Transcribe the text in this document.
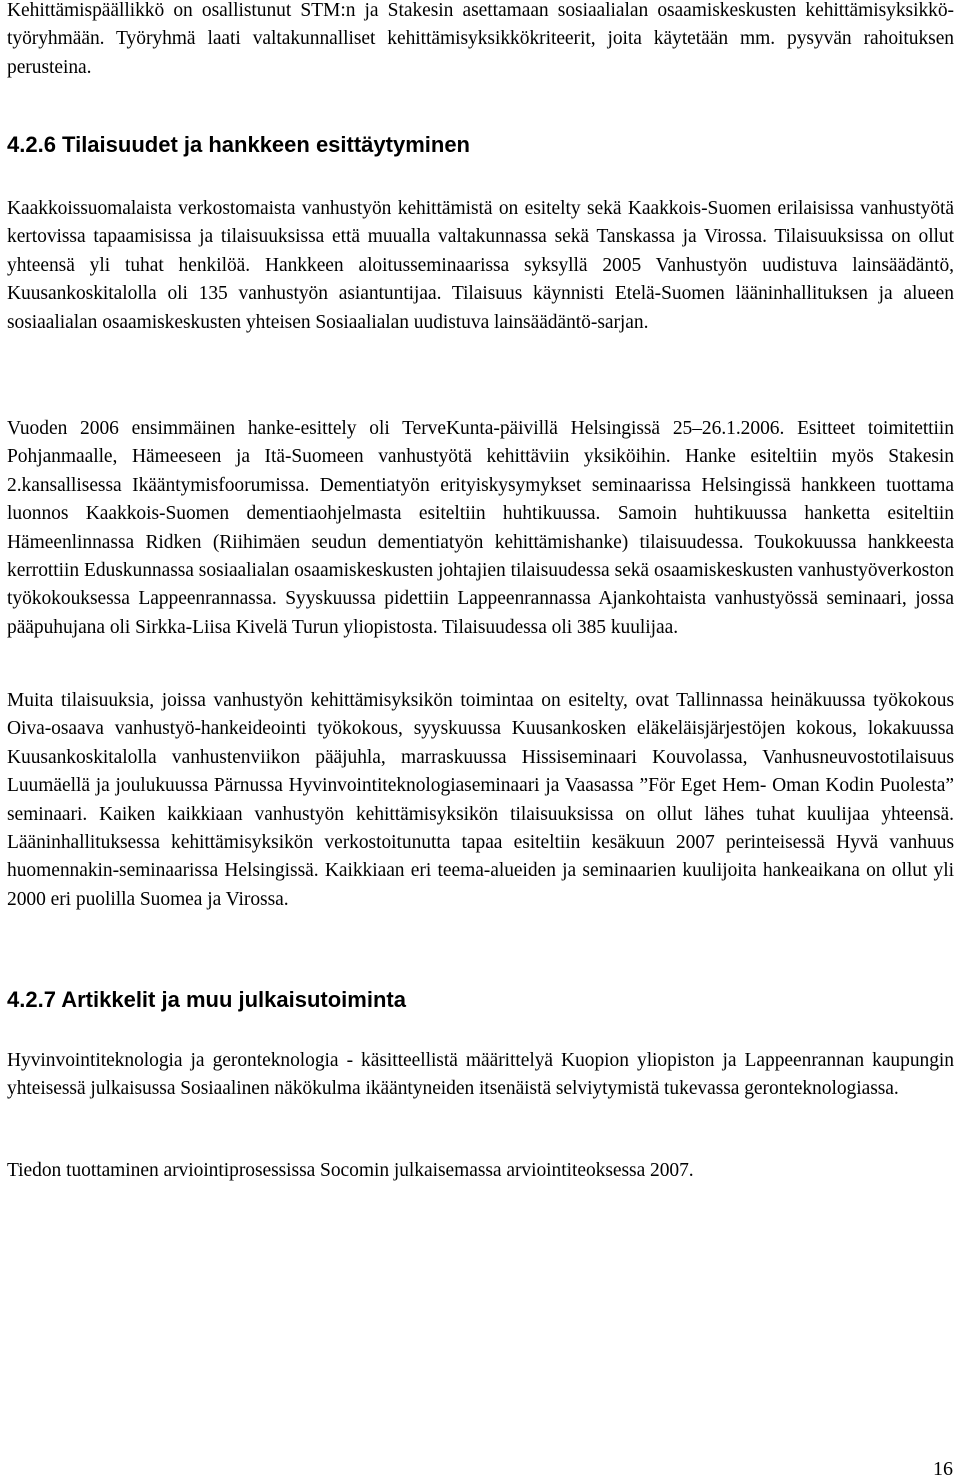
Kehittämispäällikkö on osallistunut STM:n ja Stakesin asettamaan sosiaalialan osaamiskeskusten kehittämisyksikkö-työryhmään. Työryhmä laati valtakunnalliset kehittämisyksikkökriteerit, joita käytetään mm. pysyvän rahoituksen perusteina.

4.2.6 Tilaisuudet ja hankkeen esittäytyminen

Kaakkoissuomalaista verkostomaista vanhustyön kehittämistä on esitelty sekä Kaakkois-Suomen erilaisissa vanhustyötä kertovissa tapaamisissa ja tilaisuuksissa että muualla valtakunnassa sekä Tanskassa ja Virossa. Tilaisuuksissa on ollut yhteensä yli tuhat henkilöä. Hankkeen aloitusseminaarissa syksyllä 2005 Vanhustyön uudistuva lainsäädäntö, Kuusankoskitalolla oli 135 vanhustyön asiantuntijaa. Tilaisuus käynnisti Etelä-Suomen lääninhallituksen ja alueen sosiaalialan osaamiskeskusten yhteisen Sosiaalialan uudistuva lainsäädäntö-sarjan.

Vuoden 2006 ensimmäinen hanke-esittely oli TerveKunta-päivillä Helsingissä 25–26.1.2006. Esitteet toimitettiin Pohjanmaalle, Hämeeseen ja Itä-Suomeen vanhustyötä kehittäviin yksiköihin. Hanke esiteltiin myös Stakesin 2.kansallisessa Ikääntymisfoorumissa. Dementiatyön erityiskysymykset seminaarissa Helsingissä hankkeen tuottama luonnos Kaakkois-Suomen dementiaohjelmasta esiteltiin huhtikuussa. Samoin huhtikuussa hanketta esiteltiin Hämeenlinnassa Ridken (Riihimäen seudun dementiatyön kehittämishanke) tilaisuudessa. Toukokuussa hankkeesta kerrottiin Eduskunnassa sosiaalialan osaamiskeskusten johtajien tilaisuudessa sekä osaamiskeskusten vanhustyöverkoston työkokouksessa Lappeenrannassa. Syyskuussa pidettiin Lappeenrannassa Ajankohtaista vanhustyössä seminaari, jossa pääpuhujana oli Sirkka-Liisa Kivelä Turun yliopistosta. Tilaisuudessa oli 385 kuulijaa.

Muita tilaisuuksia, joissa vanhustyön kehittämisyksikön toimintaa on esitelty, ovat Tallinnassa heinäkuussa työkokous Oiva-osaava vanhustyö-hankeideointi työkokous, syyskuussa Kuusankosken eläkeläisjärjestöjen kokous, lokakuussa Kuusankoskitalolla vanhustenviikon pääjuhla, marraskuussa Hissiseminaari Kouvolassa, Vanhusneuvostotilaisuus Luumäellä ja joulukuussa Pärnussa Hyvinvointiteknologiaseminaari ja Vaasassa ”För Eget Hem- Oman Kodin Puolesta” seminaari. Kaiken kaikkiaan vanhustyön kehittämisyksikön tilaisuuksissa on ollut lähes tuhat kuulijaa yhteensä. Lääninhallituksessa kehittämisyksikön verkostoitunutta tapaa esiteltiin kesäkuun 2007 perinteisessä Hyvä vanhuus huomennakin-seminaarissa Helsingissä. Kaikkiaan eri teema-alueiden ja seminaarien kuulijoita hankeaikana on ollut yli 2000 eri puolilla Suomea ja Virossa.

4.2.7 Artikkelit ja muu julkaisutoiminta

Hyvinvointiteknologia ja geronteknologia - käsitteellistä määrittelyä Kuopion yliopiston ja Lappeenrannan kaupungin yhteisessä julkaisussa Sosiaalinen näkökulma ikääntyneiden itsenäistä selviytymistä tukevassa geronteknologiassa.

Tiedon tuottaminen arviointiprosessissa Socomin julkaisemassa arviointiteoksessa 2007.

16
